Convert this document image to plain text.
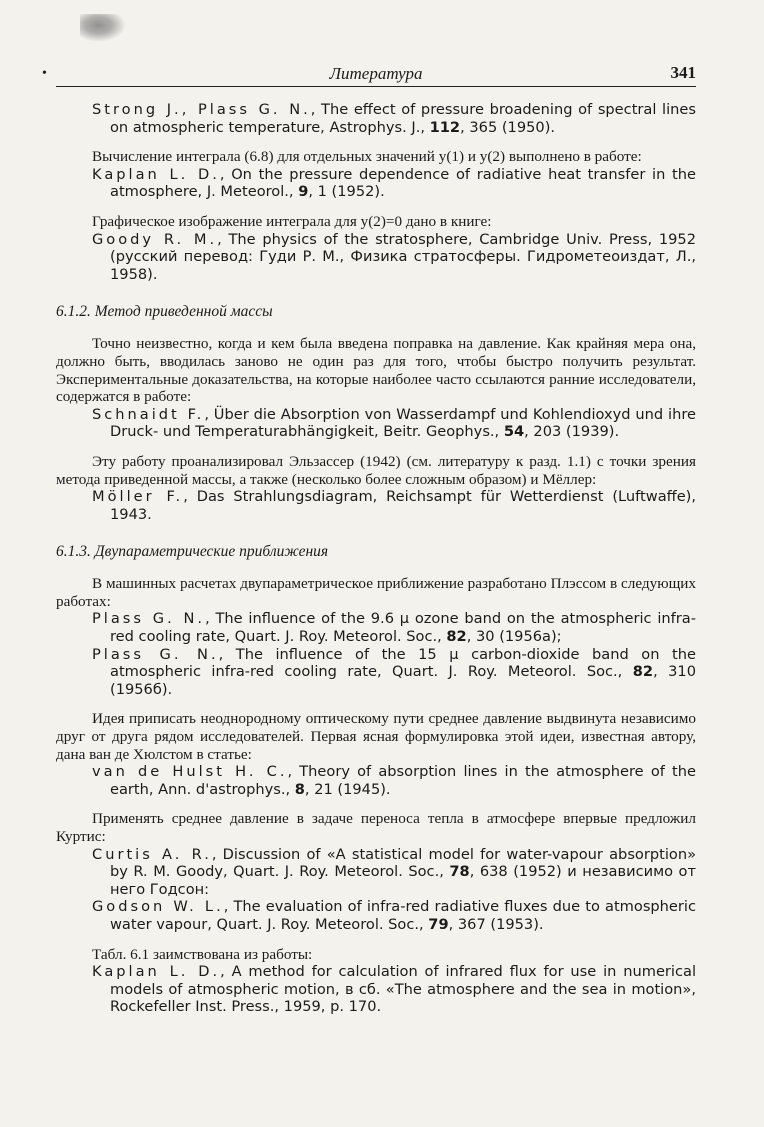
•	Литература	341

Strong J., Plass G. N., The effect of pressure broadening of spectral lines on atmospheric temperature, Astrophys. J., 112, 365 (1950).

Вычисление интеграла (6.8) для отдельных значений y(1) и y(2) выполнено в работе:

Kaplan L. D., On the pressure dependence of radiative heat transfer in the atmosphere, J. Meteorol., 9, 1 (1952).

Графическое изображение интеграла для y(2)=0 дано в книге:

Goody R. M., The physics of the stratosphere, Cambridge Univ. Press, 1952 (русский перевод: Гуди Р. М., Физика стратосферы. Гидрометеоиздат, Л., 1958).

6.1.2. Метод приведенной массы

Точно неизвестно, когда и кем была введена поправка на давление. Как крайняя мера она, должно быть, вводилась заново не один раз для того, чтобы быстро получить результат. Экспериментальные доказательства, на которые наиболее часто ссылаются ранние исследователи, содержатся в работе:

Schnaidt F., Über die Absorption von Wasserdampf und Kohlendioxyd und ihre Druck- und Temperaturabhängigkeit, Beitr. Geophys., 54, 203 (1939).

Эту работу проанализировал Эльзассер (1942) (см. литературу к разд. 1.1) с точки зрения метода приведенной массы, а также (несколько более сложным образом) и Мёллер:

Möller F., Das Strahlungsdiagram, Reichsampt für Wetterdienst (Luftwaffe), 1943.

6.1.3. Двупараметрические приближения

В машинных расчетах двупараметрическое приближение разработано Плэссом в следующих работах:

Plass G. N., The influence of the 9.6 μ ozone band on the atmospheric infra-red cooling rate, Quart. J. Roy. Meteorol. Soc., 82, 30 (1956a);

Plass G. N., The influence of the 15 μ carbon-dioxide band on the atmospheric infra-red cooling rate, Quart. J. Roy. Meteorol. Soc., 82, 310 (1956б).

Идея приписать неоднородному оптическому пути среднее давление выдвинута независимо друг от друга рядом исследователей. Первая ясная формулировка этой идеи, известная автору, дана ван де Хюлстом в статье:

van de Hulst H. C., Theory of absorption lines in the atmosphere of the earth, Ann. d'astrophys., 8, 21 (1945).

Применять среднее давление в задаче переноса тепла в атмосфере впервые предложил Куртис:

Curtis A. R., Discussion of «A statistical model for water-vapour absorption» by R. M. Goody, Quart. J. Roy. Meteorol. Soc., 78, 638 (1952) и независимо от него Годсон:

Godson W. L., The evaluation of infra-red radiative fluxes due to atmospheric water vapour, Quart. J. Roy. Meteorol. Soc., 79, 367 (1953).

Табл. 6.1 заимствована из работы:

Kaplan L. D., A method for calculation of infrared flux for use in numerical models of atmospheric motion, в сб. «The atmosphere and the sea in motion», Rockefeller Inst. Press., 1959, p. 170.
